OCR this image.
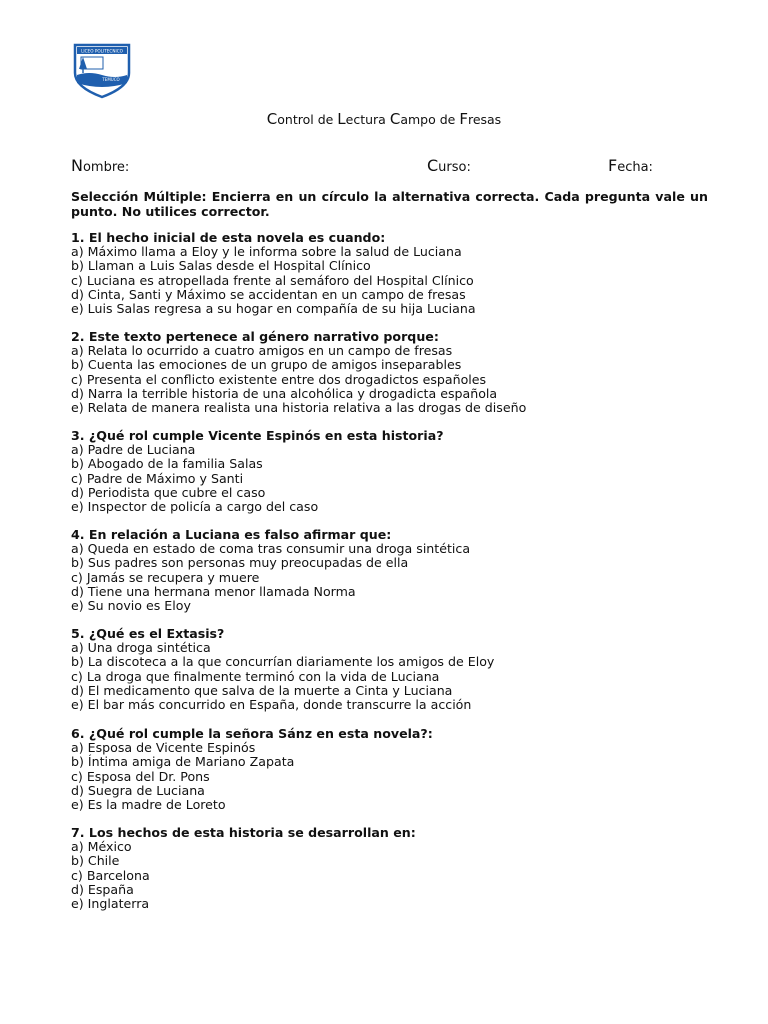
LICEO POLITECNICO
TEMUCO
Control de Lectura Campo de Fresas
Nombre:	Curso:	Fecha:
Selección Múltiple: Encierra en un círculo la alternativa correcta. Cada pregunta vale un punto. No utilices corrector.
1. El hecho inicial de esta novela es cuando:
a) Máximo llama a Eloy y le informa sobre la salud de Luciana
b) Llaman a Luis Salas desde el Hospital Clínico
c) Luciana es atropellada frente al semáforo del Hospital Clínico
d) Cinta, Santi y Máximo se accidentan en un campo de fresas
e) Luis Salas regresa a su hogar en compañía de su hija Luciana
2. Este texto pertenece al género narrativo porque:
a) Relata lo ocurrido a cuatro amigos en un campo de fresas
b) Cuenta las emociones de un grupo de amigos inseparables
c) Presenta el conflicto existente entre dos drogadictos españoles
d) Narra la terrible historia de una alcohólica y drogadicta española
e) Relata de manera realista una historia relativa a las drogas de diseño
3. ¿Qué rol cumple Vicente Espinós en esta historia?
a) Padre de Luciana
b) Abogado de la familia Salas
c) Padre de Máximo y Santi
d) Periodista que cubre el caso
e) Inspector de policía a cargo del caso
4. En relación a Luciana es falso afirmar que:
a) Queda en estado de coma tras consumir una droga sintética
b) Sus padres son personas muy preocupadas de ella
c) Jamás se recupera y muere
d) Tiene una hermana menor llamada Norma
e) Su novio es Eloy
5. ¿Qué es el Extasis?
a) Una droga sintética
b) La discoteca a la que concurrían diariamente los amigos de Eloy
c) La droga que finalmente terminó con la vida de Luciana
d) El medicamento que salva de la muerte a Cinta y Luciana
e) El bar más concurrido en España, donde transcurre la acción
6. ¿Qué rol cumple la señora Sánz en esta novela?:
a) Esposa de Vicente Espinós
b) Íntima amiga de Mariano Zapata
c) Esposa del Dr. Pons
d) Suegra de Luciana
e) Es la madre de Loreto
7. Los hechos de esta historia se desarrollan en:
a) México
b) Chile
c) Barcelona
d) España
e) Inglaterra
